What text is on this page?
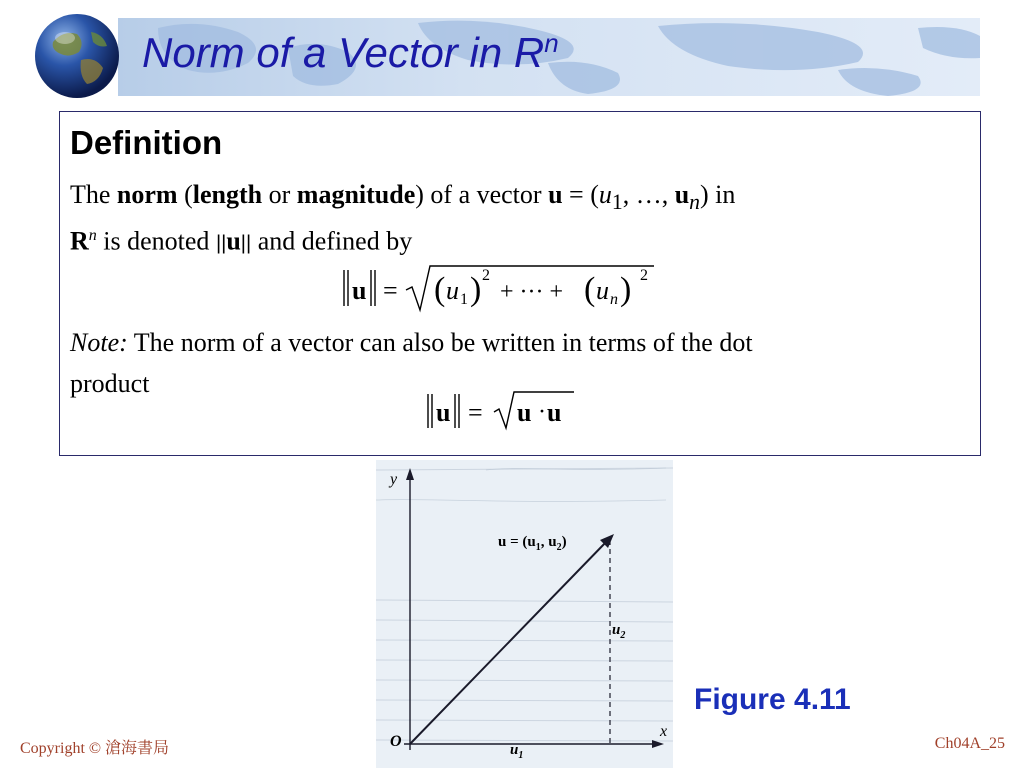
Norm of a Vector in $R^n$
Definition

The norm (length or magnitude) of a vector $u = (u_1$, …, $u_n$) in

$R^n$ is denoted ||u|| and defined by

u = ( u 1 ) 2
+ ··· + ( u n ) 2

Note: The norm of a vector can also be written in terms of the dot

product

u = u · u
y
x
O
$u = (u_1$, $u_2$)
$u_2$
$u_1$

Figure 4.11

Copyright © 滄海書局	Ch04A_25
